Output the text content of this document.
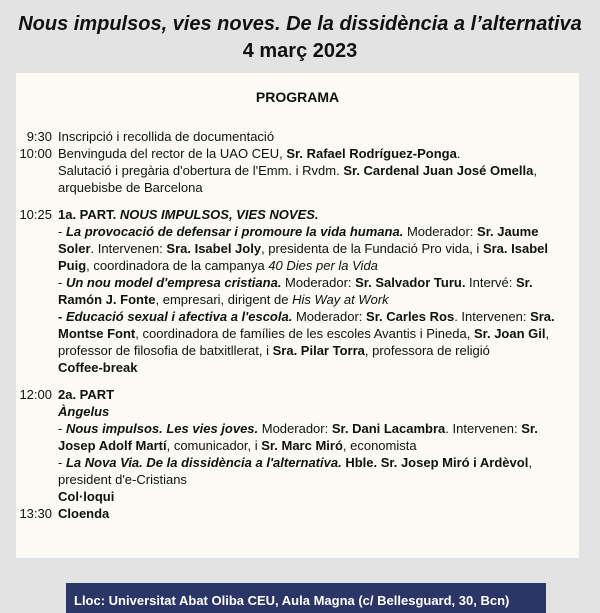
Nous impulsos, vies noves. De la dissidència a l’alternativa
4 març 2023
PROGRAMA
9:30 Inscripció i recollida de documentació
10:00 Benvinguda del rector de la UAO CEU, Sr. Rafael Rodríguez-Ponga.
Salutació i pregària d'obertura de l'Emm. i Rvdm. Sr. Cardenal Juan José Omella, arquebisbe de Barcelona
10:25 1a. PART. NOUS IMPULSOS, VIES NOVES.
- La provocació de defensar i promoure la vida humana. Moderador: Sr. Jaume Soler. Intervenen: Sra. Isabel Joly, presidenta de la Fundació Pro vida, i Sra. Isabel Puig, coordinadora de la campanya 40 Dies per la Vida
- Un nou model d'empresa cristiana. Moderador: Sr. Salvador Turu. Intervé: Sr. Ramón J. Fonte, empresari, dirigent de His Way at Work
- Educació sexual i afectiva a l'escola. Moderador: Sr. Carles Ros. Intervenen: Sra. Montse Font, coordinadora de famílies de les escoles Avantis i Pineda, Sr. Joan Gil, professor de filosofia de batxitllerat, i Sra. Pilar Torra, professora de religió
Coffee-break
12:00 2a. PART
Àngelus
- Nous impulsos. Les vies joves. Moderador: Sr. Dani Lacambra. Intervenen: Sr. Josep Adolf Martí, comunicador, i Sr. Marc Miró, economista
- La Nova Via. De la dissidència a l'alternativa. Hble. Sr. Josep Miró i Ardèvol, president d'e-Cristians
Col·loqui
13:30 Cloenda
Lloc: Universitat Abat Oliba CEU, Aula Magna (c/ Bellesguard, 30, Bcn)
